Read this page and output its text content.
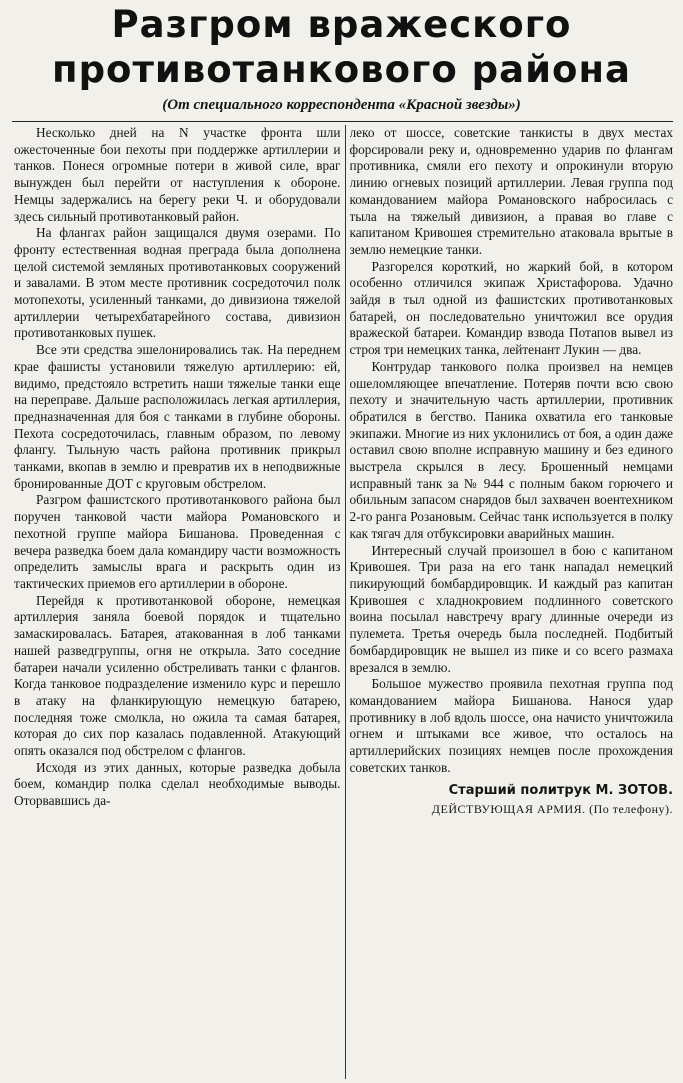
Разгром вражеского
противотанкового района
(От специального корреспондента «Красной звезды»)

Несколько дней на N участке фронта шли ожесточенные бои пехоты при поддержке артиллерии и танков. Понеся огромные потери в живой силе, враг вынужден был перейти от наступления к обороне. Немцы задержались на берегу реки Ч. и оборудовали здесь сильный противотанковый район.

На флангах район защищался двумя озерами. По фронту естественная водная преграда была дополнена целой системой земляных противотанковых сооружений и завалами. В этом месте противник сосредоточил полк мотопехоты, усиленный танками, до дивизиона тяжелой артиллерии четырехбатарейного состава, дивизион противотанковых пушек.

Все эти средства эшелонировались так. На переднем крае фашисты установили тяжелую артиллерию: ей, видимо, предстояло встретить наши тяжелые танки еще на переправе. Дальше расположилась легкая артиллерия, предназначенная для боя с танками в глубине обороны. Пехота сосредоточилась, главным образом, по левому флангу. Тыльную часть района противник прикрыл танками, вкопав в землю и превратив их в неподвижные бронированные ДОТ с круговым обстрелом.

Разгром фашистского противотанкового района был поручен танковой части майора Романовского и пехотной группе майора Бишанова. Проведенная с вечера разведка боем дала командиру части возможность определить замыслы врага и раскрыть один из тактических приемов его артиллерии в обороне.

Перейдя к противотанковой обороне, немецкая артиллерия заняла боевой порядок и тщательно замаскировалась. Батарея, атакованная в лоб танками нашей разведгруппы, огня не открыла. Зато соседние батареи начали усиленно обстреливать танки с флангов. Когда танковое подразделение изменило курс и перешло в атаку на фланкирующую немецкую батарею, последняя тоже смолкла, но ожила та самая батарея, которая до сих пор казалась подавленной. Атакующий опять оказался под обстрелом с флангов.

Исходя из этих данных, которые разведка добыла боем, командир полка сделал необходимые выводы. Оторвавшись да-

леко от шоссе, советские танкисты в двух местах форсировали реку и, одновременно ударив по флангам противника, смяли его пехоту и опрокинули вторую линию огневых позиций артиллерии. Левая группа под командованием майора Романовского набросилась с тыла на тяжелый дивизион, а правая во главе с капитаном Кривошея стремительно атаковала врытые в землю немецкие танки.

Разгорелся короткий, но жаркий бой, в котором особенно отличился экипаж Христафорова. Удачно зайдя в тыл одной из фашистских противотанковых батарей, он последовательно уничтожил все орудия вражеской батареи. Командир взвода Потапов вывел из строя три немецких танка, лейтенант Лукин — два.

Контрудар танкового полка произвел на немцев ошеломляющее впечатление. Потеряв почти всю свою пехоту и значительную часть артиллерии, противник обратился в бегство. Паника охватила его танковые экипажи. Многие из них уклонились от боя, а один даже оставил свою вполне исправную машину и без единого выстрела скрылся в лесу. Брошенный немцами исправный танк за № 944 с полным баком горючего и обильным запасом снарядов был захвачен воентехником 2-го ранга Розановым. Сейчас танк используется в полку как тягач для отбуксировки аварийных машин.

Интересный случай произошел в бою с капитаном Кривошея. Три раза на его танк нападал немецкий пикирующий бомбардировщик. И каждый раз капитан Кривошея с хладнокровием подлинного советского воина посылал навстречу врагу длинные очереди из пулемета. Третья очередь была последней. Подбитый бомбардировщик не вышел из пике и со всего размаха врезался в землю.

Большое мужество проявила пехотная группа под командованием майора Бишанова. Нанося удар противнику в лоб вдоль шоссе, она начисто уничтожила огнем и штыками все живое, что осталось на артиллерийских позициях немцев после прохождения советских танков.

Старший политрук М. ЗОТОВ.
ДЕЙСТВУЮЩАЯ АРМИЯ. (По телефону).
